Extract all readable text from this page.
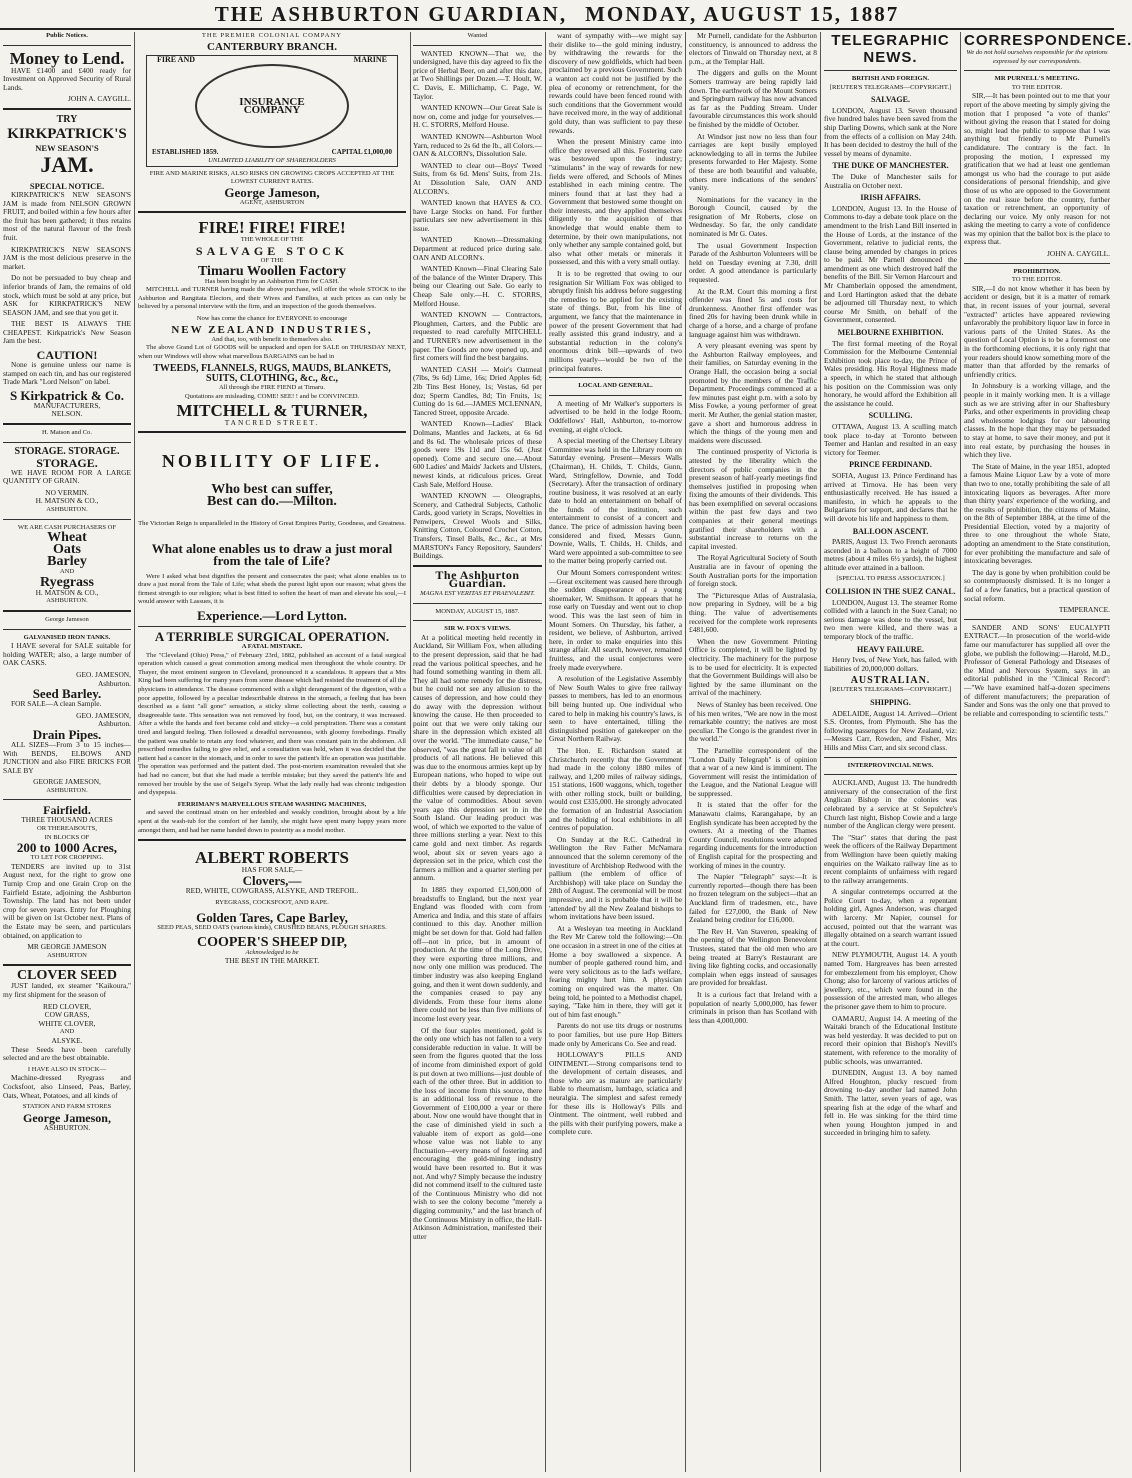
THE ASHBURTON GUARDIAN, MONDAY, AUGUST 15, 1887
Public Notices.
Money to Lend.

HAVE £1400 and £400 ready for Investment on Approved Security of Rural Lands.

JOHN A. CAYGILL.
TRY
KIRKPATRICK'S
NEW SEASON'S
JAM.
SPECIAL NOTICE.

KIRKPATRICK'S NEW SEASON'S JAM is made from NELSON GROWN FRUIT, and boiled within a few hours after the fruit has been gathered; it thus retains most of the natural flavour of the fresh fruit.

KIRKPATRICK'S NEW SEASON'S JAM is the most delicious preserve in the market.

Do not be persuaded to buy cheap and inferior brands of Jam, the remains of old stock, which must be sold at any price, but ASK for KIRKPATRICK'S NEW SEASON JAM, and see that you get it.

THE BEST IS ALWAYS THE CHEAPEST. Kirkpatrick's New Season Jam the best.

CAUTION!

None is genuine unless our name is stamped on each tin, and has our registered Trade Mark "Lord Nelson" on label.

S Kirkpatrick & Co.
MANUFACTURERS,
NELSON.
H. Matson and Co.
STORAGE. STORAGE.
STORAGE.

WE HAVE ROOM FOR A LARGE QUANTITY OF GRAIN.

NO VERMIN.
H. MATSON & CO.,
ASHBURTON.
WE ARE CASH PURCHASERS OF
Wheat
Oats
Barley
AND
Ryegrass
H. MATSON & CO.,
ASHBURTON.
George Jameson
GALVANISED IRON TANKS.

I HAVE several for SALE suitable for holding WATER; also, a large number of OAK CASKS.

GEO. JAMESON,
Ashburton.
Seed Barley.

FOR SALE—A clean Sample.

GEO. JAMESON,
Ashburton.
Drain Pipes.

ALL SIZES—From 3 to 15 inches—With BENDS, ELBOWS AND JUNCTION and also FIRE BRICKS FOR SALE BY

GEORGE JAMESON,
ASHBURTON.
Fairfield.
THREE THOUSAND ACRES
OR THEREABOUTS,
IN BLOCKS OF
200 to 1000 Acres,
TO LET FOR CROPPING.

TENDERS are invited up to 31st August next, for the right to grow one Turnip Crop and one Grain Crop on the Fairfield Estate, adjoining the Ashburton Township. The land has not been under crop for seven years. Entry for Ploughing will be given on 1st October next. Plans of the Estate may be seen, and particulars obtained, on application to

MR GEORGE JAMESON
ASHBURTON
CLOVER SEED

JUST landed, ex steamer "Kaikoura," my first shipment for the season of

RED CLOVER,
COW GRASS,
WHITE CLOVER,
AND
ALSYKE.

These Seeds have been carefully selected and are the best obtainable.

I HAVE ALSO IN STOCK—

Machine-dressed Ryegrass and Cocksfoot, also Linseed, Peas, Barley, Oats, Wheat, Potatoes, and all kinds of

STATION AND FARM STORES
George Jameson,
ASHBURTON.
THE PREMIER COLONIAL COMPANY
CANTERBURY BRANCH.
FIRE AND	MARINE
INSURANCE
COMPANY
ESTABLISHED 1859.	CAPITAL £1,000,00
UNLIMITED LIABILITY OF SHAREHOLDERS
FIRE AND MARINE RISKS, ALSO RISKS ON GROWING CROPS ACCEPTED AT THE LOWEST CURRENT RATES.
George Jameson,
AGENT, ASHBURTON
FIRE! FIRE! FIRE!
THE WHOLE OF THE
SALVAGE STOCK
OF THE
Timaru Woollen Factory
Has been bought by an Ashburton Firm for CASH.

MITCHELL and TURNER having made the above purchase, will offer the whole STOCK to the Ashburton and Rangitata Electors, and their Wives and Families, at such prices as can only be believed by a personal interview with the firm, and an inspection of the goods themselves.

Now has come the chance for EVERYONE to encourage
NEW ZEALAND INDUSTRIES,
And that, too, with benefit to themselves also.

The above Grand Lot of GOODS will be unpacked and open for SALE on THURSDAY NEXT, when our Windows will show what marvellous BARGAINS can be had in

TWEEDS, FLANNELS, RUGS, MAUDS, BLANKETS,
SUITS, CLOTHING, &c., &c.,
All through the FIRE FIEND at Timaru.
Quotations are misleading, COME! SEE! ! and be CONVINCED.
MITCHELL & TURNER,
TANCRED STREET.
NOBILITY OF LIFE.
Who best can suffer,
Best can do.—Milton.
The Victorian Reign is unparalleled in the History of Great Empires Purity, Goodness, and Greatness.
What alone enables us to draw a just moral from the tale of Life?

Were I asked what best dignifies the present and consecrates the past; what alone enables us to draw a just moral from the Tale of Life; what sheds the purest light upon our reason; what gives the firmest strength to our religion; what is best fitted to soften the heart of man and elevate his soul,—I would answer with Lassues, it is

Experience.—Lord Lytton.
A TERRIBLE SURGICAL OPERATION.
A FATAL MISTAKE.

The "Cleveland (Ohio) Press," of February 23rd, 1882, published an account of a fatal surgical operation which caused a great commotion among medical men throughout the whole country. Dr Thayer, the most eminent surgeon in Cleveland, pronounced it a scandalous. It appears that a Mrs King had been suffering for many years from some disease which had resisted the treatment of all the physicians in attendance. The disease commenced with a slight derangement of the digestion, with a poor appetite, followed by a peculiar indescribable distress in the stomach, a feeling that has been described as a faint "all gone" sensation, a sticky slime collecting about the teeth, causing a disagreeable taste. This sensation was not removed by food, but, on the contrary, it was increased. After a while the hands and feet became cold and sticky—a cold perspiration. There was a constant tired and languid feeling. Then followed a dreadful nervousness, with gloomy forebodings. Finally the patient was unable to retain any food whatever, and there was constant pain in the abdomen. All prescribed remedies failing to give relief, and a consultation was held, when it was decided that the patient had a cancer in the stomach, and in order to save the patient's life an operation was justifiable. The operation was performed and the patient died. The post-mortem examination revealed that she had had no cancer, but that she had made a terrible mistake; but they saved the patient's life and removed her trouble by the use of Seigel's Syrup. What the lady really had was chronic indigestion and dyspepsia.

FERRIMAN'S MARVELLOUS STEAM WASHING MACHINES,

and saved the continual strain on her enfeebled and weakly condition, brought about by a life spent at the wash-tub for the comfort of her family, she might have spent many happy years more amongst them, and had her name handed down to posterity as a model mother.

ALBERT ROBERTS
HAS FOR SALE,—
Clovers,—
RED, WHITE, COWGRASS, ALSYKE, AND TREFOIL.
RYEGRASS, COCKSFOOT, AND RAPE.
Golden Tares, Cape Barley,
SEED PEAS, SEED OATS (various kinds), CRUSHED BEANS, PLOUGH SHARES.
COOPER'S SHEEP DIP,
Acknowledged to be
THE BEST IN THE MARKET.
Wanted

WANTED KNOWN—That we, the undersigned, have this day agreed to fix the price of Herbal Beer, on and after this date, at Two Shillings per Dozen.—T. Hoult, W. C. Davis, E. Millichamp, C. Page, W. Taylor.

WANTED KNOWN—Our Great Sale is now on, come and judge for yourselves.—H. C. STORRS, Melford House.

WANTED KNOWN—Ashburton Wool Yarn, reduced to 2s 6d the lb., all Colors.—OAN & ALCORN's, Dissolution Sale.

WANTED to clear out—Boys' Tweed Suits, from 6s 6d. Mens' Suits, from 21s. At Dissolution Sale, OAN AND ALCORN's.

WANTED known that HAYES & CO. have Large Stocks on hand. For further particulars see new advertisement in this issue.

WANTED Known—Dressmaking Department at reduced price during sale. OAN AND ALCORN's.

WANTED Known—Final Clearing Sale of the balance of the Winter Drapery. This being our Clearing out Sale. Go early to Cheap Sale only.—H. C. STORRS, Melford House.

WANTED KNOWN — Contractors, Ploughmen, Carters, and the Public are requested to read carefully MITCHELL and TURNER's new advertisement in the paper. The Goods are now opened up, and first comers will find the best bargains.

WANTED CASH — Moir's Oatmeal (7lbs, 9s 6d) Lime, 16s; Dried Apples 6d; 2lb Tins Best Honey, 1s; Vestas, 6d per doz; Sperm Candles, 8d; Tin Fruits, 1s; Cutting do 1s 6d.—JAMES MCLENNAN, Tancred Street, opposite Arcade.

WANTED Known—Ladies' Black Dolmans, Mantles and Jackets, at 6s 6d and 8s 6d. The wholesale prices of these goods were 19s 11d and 15s 6d. (Just opened). Come and secure one.—About 600 Ladies' and Maids' Jackets and Ulsters, newest kinds, at ridiculous prices. Great Cash Sale, Melford House.

WANTED KNOWN — Oleographs, Scenery, and Cathedral Subjects, Catholic Cards, good variety in Scraps, Novelties in Penwipers, Crewel Wools and Silks, Knitting Cotton, Coloured Crochet Cotton, Transfers, Tinsel Balls, &c., &c., at Mrs MARSTON's Fancy Repository, Saunders' Buildings.

The Ashburton Guardian.
MAGNA EST VERITAS ET PRAEVALEBIT.
MONDAY, AUGUST 15, 1887.
SIR W. FOX'S VIEWS.

At a political meeting held recently in Auckland, Sir William Fox, when alluding to the present depression, said that he had read the various political speeches, and he had found something wanting in them all. They all had some remedy for the distress, but he could not see any allusion to the causes of depression, and how could they do away with the depression without knowing the cause. He then proceeded to point out that we were only taking our share in the depression which existed all over the world. "The immediate cause," he observed, "was the great fall in value of all products of all nations. He believed this was due to the enormous armies kept up by European nations, who hoped to wipe out their debts by a bloody sponge. Our difficulties were caused by depreciation in the value of commodities. About seven years ago this depression set in in the South Island. Our leading product was wool, of which we exported to the value of three millions sterling a year. Next to this came gold and next timber. As regards wool, about six or seven years ago a depression set in the price, which cost the farmers a million and a quarter sterling per annum.

In 1885 they exported £1,500,000 of breadstuffs to England, but the next year England was flooded with corn from America and India, and this state of affairs continued to this day. Another million might be set down for that. Gold had fallen off—not in price, but in amount of production. At the time of the Long Drive, they were exporting three millions, and now only one million was produced. The timber industry was also keeping England going, and then it went down suddenly, and the companies ceased to pay any dividends. From these four items alone there could not be less than five millions of income lost every year.

Of the four staples mentioned, gold is the only one which has not fallen to a very considerable reduction in value. It will be seen from the figures quoted that the loss of income from diminished export of gold is put down at two millions—just double of each of the other three. But in addition to the loss of income from this source, there is an additional loss of revenue to the Government of £100,000 a year or there about. Now one would have thought that in the case of diminished yield in such a valuable item of export as gold—one whose value was not liable to any fluctuation—every means of fostering and encouraging the gold-mining industry would have been resorted to. But it was not. And why? Simply because the industry did not commend itself to the cultured taste of the Continuous Ministry who did not wish to see the colony become "merely a digging community," and the last branch of the Continuous Ministry in office, the Hall-Atkinson Administration, manifested their utter

want of sympathy with—we might say their dislike to—the gold mining industry, by withdrawing the rewards for the discovery of new goldfields, which had been proclaimed by a previous Government. Such a wanton act could not be justified by the plea of economy or retrenchment, for the rewards could have been fenced round with such conditions that the Government would have received more, in the way of additional gold duty, than was sufficient to pay these rewards.

When the present Ministry came into office they reversed all this. Fostering care was bestowed upon the industry; "stimulants" in the way of rewards for new fields were offered, and Schools of Mines established in each mining centre. The miners found that at last they had a Government that bestowed some thought on their interests, and they applied themselves diligently to the acquisition of that knowledge that would enable them to determine, by their own manipulations, not only whether any sample contained gold, but also what other metals or minerals it possessed, and this with a very small outlay.

It is to be regretted that owing to our resignation Sir William Fox was obliged to abruptly finish his address before suggesting the remedies to be applied for the existing state of things. But, from his line of argument, we fancy that the maintenance in power of the present Government that had really assisted this grand industry, and a substantial reduction in the colony's enormous drink bill—upwards of two millions yearly—would be two of the principal features.

LOCAL AND GENERAL.

A meeting of Mr Walker's supporters is advertised to be held in the lodge Room, Oddfellows' Hall, Ashburton, to-morrow evening, at eight o'clock.

A special meeting of the Chertsey Library Committee was held in the Library room on Saturday evening. Present—Messrs Walls (Chairman), H. Childs, T. Childs, Gunn, Ward, Stringfellow, Downie, and Todd (Secretary). After the transaction of ordinary routine business, it was resolved at an early date to hold an entertainment on behalf of the funds of the institution, such entertainment to consist of a concert and dance. The price of admission having been considered and fixed, Messrs Gunn, Downie, Walls, T. Childs, H. Childs, and Ward were appointed a sub-committee to see to the matter being properly carried out.

Our Mount Somers correspondent writes:—Great excitement was caused here through the sudden disappearance of a young shoemaker, W. Smithson. It appears that he rose early on Tuesday and went out to chop wood. This was the last seen of him in Mount Somers. On Thursday, his father, a resident, we believe, of Ashburton, arrived here, in order to make enquiries into this strange affair. All search, however, remained fruitless, and the usual conjectures were freely made everywhere.

A resolution of the Legislative Assembly of New South Wales to give free railway passes to members, has led to an enormous bill being hunted up. One individual who cared to help in making his country's laws, is seen to have entertained, tilling the distinguished position of gatekeeper on the Great Northern Railway.

The Hon. E. Richardson stated at Christchurch recently that the Government had made in the colony 1880 miles of railway, and 1,200 miles of railway sidings, 151 stations, 1600 waggons, which, together with other rolling stock, built or building, would cost £335,000. He strongly advocated the formation of an Industrial Association and the holding of local exhibitions in all centres of population.

On Sunday at the R.C. Cathedral in Wellington the Rev Father McNamara announced that the solemn ceremony of the investiture of Archbishop Redwood with the pallium (the emblem of office of Archbishop) will take place on Sunday the 28th of August. The ceremonial will be most impressive, and it is probable that it will be 'attended' by all the New Zealand bishops to whom invitations have been issued.

At a Wesleyan tea meeting in Auckland the Rev Mr Carew told the following:—On one occasion in a street in one of the cities at Home a boy swallowed a sixpence. A number of people gathered round him, and were very solicitous as to the lad's welfare, fearing mighty hurt him. A physician coming on enquired was the matter. On being told, he pointed to a Methodist chapel, saying, "Take him in there, they will get it out of him fast enough."

Parents do not use tits drugs or nostrums to poor families, but use pure Hop Bitters made only by Americans Co. See and read.

HOLLOWAY'S PILLS AND OINTMENT.—Strong comparisons tend to the development of certain diseases, and those who are as mature are particularly liable to rheumatism, lumbago, sciatica and neuralgia. The simplest and safest remedy for these ills is Holloway's Pills and Ointment. The ointment, well rubbed and the pills with their purifying powers, make a complete cure.

Mr Purnell, candidate for the Ashburton constituency, is announced to address the electors of Tinwald on Thursday next, at 8 p.m., at the Templar Hall.

The diggers and gulls on the Mount Somers tramway are being rapidly laid down. The earthwork of the Mount Somers and Springburn railway has now advanced as far as the Pudding Stream. Under favourable circumstances this work should be finished by the middle of October.

At Windsor just now no less than four carriages are kept busily employed acknowledging to all in terms the Jubilee presents forwarded to Her Majesty. Some of these are both beautiful and valuable, others mere indications of the senders' vanity.

Nominations for the vacancy in the Borough Council, caused by the resignation of Mr Roberts, close on Wednesday. So far, the only candidate nominated is Mr G. Oates.

The usual Government Inspection Parade of the Ashburton Volunteers will be held on Tuesday evening at 7.30, drill order. A good attendance is particularly requested.

At the R.M. Court this morning a first offender was fined 5s and costs for drunkenness. Another first offender was fined 20s for having been drunk while in charge of a horse, and a charge of profane language against him was withdrawn.

A very pleasant evening was spent by the Ashburton Railway employees, and their families, on Saturday evening in the Orange Hall, the occasion being a social promoted by the members of the Traffic Department. Proceedings commenced at a few minutes past eight p.m. with a solo by Miss Fowke, a young performer of great merit. Mr Auther, the genial station master, gave a short and humorous address in which the things of the young men and maidens were discussed.

The continued prosperity of Victoria is attested by the liberality which the directors of public companies in the present season of half-yearly meetings find themselves justified in proposing when fixing the amounts of their dividends. This has been exemplified on several occasions within the past few days and two companies at their general meetings gratified their shareholders with a substantial increase to returns on the capital invested.

The Royal Agricultural Society of South Australia are in favour of opening the South Australian ports for the importation of foreign stock.

The "Picturesque Atlas of Australasia, now preparing in Sydney, will be a big thing. The value of advertisements received for the complete work represents £481,600.

When the new Government Printing Office is completed, it will be lighted by electricity. The machinery for the purpose is to be used for electricity. It is expected that the Government Buildings will also be lighted by the same illuminant on the arrival of the machinery.

News of Stanley has been received. One of his men writes, "We are now in the most remarkable country; the natives are most peculiar. The Congo is the grandest river in the world."

The Parnellite correspondent of the "London Daily Telegraph" is of opinion that a war of a new kind is imminent. The Government will resist the intimidation of the League, and the National League will be suppressed.

It is stated that the offer for the Manawatu claims, Karangahape, by an English syndicate has been accepted by the owners. At a meeting of the Thames County Council, resolutions were adopted regarding inducements for the introduction of English capital for the prospecting and working of mines in the country.

The Napier "Telegraph" says:—It is currently reported—though there has been no frozen telegram on the subject—that an Auckland firm of tradesmen, etc., have failed for £27,000, the Bank of New Zealand being creditor for £16,000.

The Rev H. Van Staveren, speaking of the opening of the Wellington Benevolent Trustees, stated that the old men who are being treated at Barry's Restaurant are living like fighting cocks, and occasionally complain when eggs instead of sausages are provided for breakfast.

It is a curious fact that Ireland with a population of nearly 5,000,000, has fewer criminals in prison than has Scotland with less than 4,000,000.

TELEGRAPHIC NEWS.
BRITISH AND FOREIGN.
[REUTER'S TELEGRAMS—COPYRIGHT.]
SALVAGE.

LONDON, August 13. Seven thousand five hundred bales have been saved from the ship Darling Downs, which sank at the Nore from the effects of a collision on May 24th. It has been decided to destroy the hull of the vessel by means of dynamite.

THE DUKE OF MANCHESTER.

The Duke of Manchester sails for Australia on October next.

IRISH AFFAIRS.

LONDON, August 13. In the House of Commons to-day a debate took place on the amendment to the Irish Land Bill inserted in the House of Lords, at the instance of the Government, relative to judicial rents, the clause being amended by changes in prices to be paid. Mr Parnell denounced the amendment as one which destroyed half the benefits of the Bill. Sir Vernon Harcourt and Mr Chamberlain opposed the amendment, and Lord Hartington asked that the debate be adjourned till Thursday next, to which course Mr Smith, on behalf of the Government, consented.

MELBOURNE EXHIBITION.

The first formal meeting of the Royal Commission for the Melbourne Centennial Exhibition took place to-day, the Prince of Wales presiding. His Royal Highness made a speech, in which he stated that although his position on the Commission was only honorary, he would afford the Exhibition all the assistance he could.

SCULLING.

OTTAWA, August 13. A sculling match took place to-day at Toronto between Teemer and Hanlan and resulted in an easy victory for Teemer.

PRINCE FERDINAND.

SOFIA, August 13. Prince Ferdinand has arrived at Tirnova. He has been very enthusiastically received. He has issued a manifesto, in which he appeals to the Bulgarians for support, and declares that he will devote his life and happiness to them.

BALLOON ASCENT.

PARIS, August 13. Two French aeronauts ascended in a balloon to a height of 7000 metres (about 4 miles 6½ yards), the highest altitude ever attained in a balloon.

[SPECIAL TO PRESS ASSOCIATION.]
COLLISION IN THE SUEZ CANAL.

LONDON, August 13. The steamer Rome collided with a launch in the Suez Canal; no serious damage was done to the vessel, but two men were killed, and there was a temporary block of the traffic.

HEAVY FAILURE.

Henry Ives, of New York, has failed, with liabilities of 20,000,000 dollars.

AUSTRALIAN.
[REUTER'S TELEGRAMS—COPYRIGHT.]
SHIPPING.

ADELAIDE, August 14. Arrived—Orient S.S. Orontes, from Plymouth. She has the following passengers for New Zealand, viz:—Messrs Carr, Rowden, and Fisher, Mrs Hills and Miss Carr, and six second class.

INTERPROVINCIAL NEWS.

AUCKLAND, August 13. The hundredth anniversary of the consecration of the first Anglican Bishop in the colonies was celebrated by a service at St Sepulchre's Church last night, Bishop Cowie and a large number of the Anglican clergy were present.

The "Star" states that during the past week the officers of the Railway Department from Wellington have been quietly making enquiries on the Waikato railway line as to recent complaints of unfairness with regard to the railway arrangements.

A singular contretemps occurred at the Police Court to-day, when a repentant holding girl, Agnes Anderson, was charged with larceny. Mr Napier, counsel for accused, pointed out that the warrant was illegally obtained on a search warrant issued at the court.

NEW PLYMOUTH, August 14. A youth named Tom. Hargreaves has been arrested for embezzlement from his employer, Chow Chong; also for larceny of various articles of jewellery, etc., which were found in the possession of the arrested man, who alleges the prisoner gave them to him to procure.

OAMARU, August 14. A meeting of the Waitaki branch of the Educational Institute was held yesterday. It was decided to put on record their opinion that Bishop's Nevill's statement, with reference to the morality of public schools, was unwarranted.

DUNEDIN, August 13. A boy named Alfred Houghton, plucky rescued from drowning to-day another lad named John Smith. The latter, seven years of age, was spearing fish at the edge of the wharf and fell in. He was sinking for the third time when young Houghton jumped in and succeeded in bringing him to safety.

CORRESPONDENCE.
We do not hold ourselves responsible for the opinions expressed by our correspondents.
MR PURNELL'S MEETING.
TO THE EDITOR.

SIR,—It has been pointed out to me that your report of the above meeting by simply giving the motion that I proposed "a vote of thanks" without giving the reason that I stated for doing so, might lead the public to suppose that I was anything but friendly to Mr Purnell's candidature. The contrary is the fact. In proposing the motion, I expressed my gratification that we had at least one gentleman amongst us who had the courage to put aside considerations of personal friendship, and give those of us who are opposed to the Government on the real issue before the country, further taxation or retrenchment, an opportunity of declaring our voice. My only reason for not asking the meeting to carry a vote of confidence was my opinion that the ballot box is the place to express that.

JOHN A. CAYGILL.
PROHIBITION.
TO THE EDITOR.

SIR,—I do not know whether it has been by accident or design, but it is a matter of remark that, in recent issues of your journal, several "extracted" articles have appeared reviewing unfavorably the prohibitory liquor law in force in various parts of the United States. As the question of Local Option is to be a foremost one in the forthcoming elections, it is only right that your readers should know something more of the matter than that afforded by the remarks of unfriendly critics.

In Johnsbury is a working village, and the people in it mainly working men. It is a village such as we are striving after in our Shaftesbury Parks, and other experiments in providing cheap and wholesome lodgings for our labouring classes. In the hope that they may be persuaded to stay at home, to save their money, and put it into real estate, by purchasing the houses in which they live.

The State of Maine, in the year 1851, adopted a famous Maine Liquor Law by a vote of more than two to one, totally prohibiting the sale of all intoxicating liquors as beverages. After more than thirty years' experience of the working, and the results of prohibition, the citizens of Maine, on the 8th of September 1884, at the time of the Presidential Election, voted by a majority of three to one throughout the whole State, adopting an amendment to the State constitution, for ever prohibiting the manufacture and sale of intoxicating beverages.

The day is gone by when prohibition could be so contemptuously dismissed. It is no longer a fad of a few fanatics, but a practical question of social reform.

TEMPERANCE.

SANDER AND SONS' EUCALYPTI EXTRACT.—In prosecution of the world-wide fame our manufacturer has supplied all over the globe, we publish the following:—Harold, M.D., Professor of General Pathology and Diseases of the Mind and Nervous System, says in an editorial published in the "Clinical Record":—"We have examined half-a-dozen specimens of different manufacturers; the preparation of Sander and Sons was the only one that proved to be reliable and corresponding to scientific tests."
